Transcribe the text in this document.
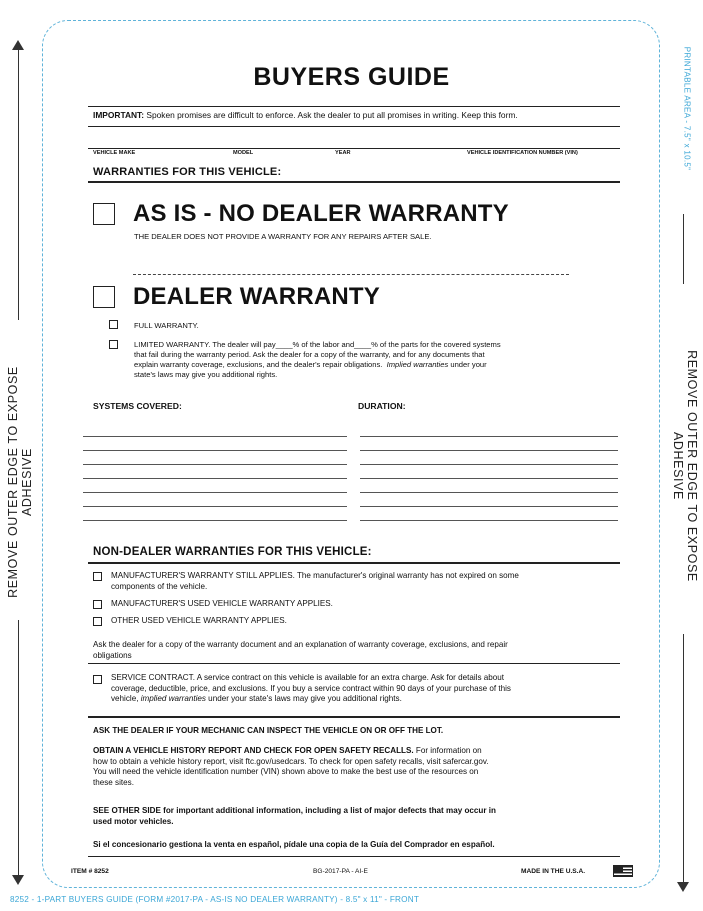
REMOVE OUTER EDGE TO EXPOSE ADHESIVE
PRINTABLE AREA - 7.5" x 10.5"
REMOVE OUTER EDGE TO EXPOSE ADHESIVE
BUYERS GUIDE
IMPORTANT: Spoken promises are difficult to enforce. Ask the dealer to put all promises in writing. Keep this form.
VEHICLE MAKE	MODEL	YEAR	VEHICLE IDENTIFICATION NUMBER (VIN)
WARRANTIES FOR THIS VEHICLE:
AS IS - NO DEALER WARRANTY
THE DEALER DOES NOT PROVIDE A WARRANTY FOR ANY REPAIRS AFTER SALE.
DEALER WARRANTY
FULL WARRANTY.
LIMITED WARRANTY. The dealer will pay____% of the labor and____% of the parts for the covered systems
that fail during the warranty period. Ask the dealer for a copy of the warranty, and for any documents that
explain warranty coverage, exclusions, and the dealer's repair obligations. Implied warranties under your
state's laws may give you additional rights.
SYSTEMS COVERED:	DURATION:
NON-DEALER WARRANTIES FOR THIS VEHICLE:
MANUFACTURER'S WARRANTY STILL APPLIES. The manufacturer's original warranty has not expired on some
components of the vehicle.
MANUFACTURER'S USED VEHICLE WARRANTY APPLIES.
OTHER USED VEHICLE WARRANTY APPLIES.
Ask the dealer for a copy of the warranty document and an explanation of warranty coverage, exclusions, and repair
obligations
SERVICE CONTRACT. A service contract on this vehicle is available for an extra charge. Ask for details about
coverage, deductible, price, and exclusions. If you buy a service contract within 90 days of your purchase of this
vehicle, implied warranties under your state's laws may give you additional rights.
ASK THE DEALER IF YOUR MECHANIC CAN INSPECT THE VEHICLE ON OR OFF THE LOT.
OBTAIN A VEHICLE HISTORY REPORT AND CHECK FOR OPEN SAFETY RECALLS. For information on
how to obtain a vehicle history report, visit ftc.gov/usedcars. To check for open safety recalls, visit safercar.gov.
You will need the vehicle identification number (VIN) shown above to make the best use of the resources on
these sites.
SEE OTHER SIDE for important additional information, including a list of major defects that may occur in
used motor vehicles.
Si el concesionario gestiona la venta en español, pídale una copia de la Guía del Comprador en español.
ITEM # 8252	BG-2017-PA - AI-E	MADE IN THE U.S.A.
8252 - 1-PART BUYERS GUIDE (FORM #2017-PA - AS-IS NO DEALER WARRANTY) - 8.5" x 11" - FRONT
